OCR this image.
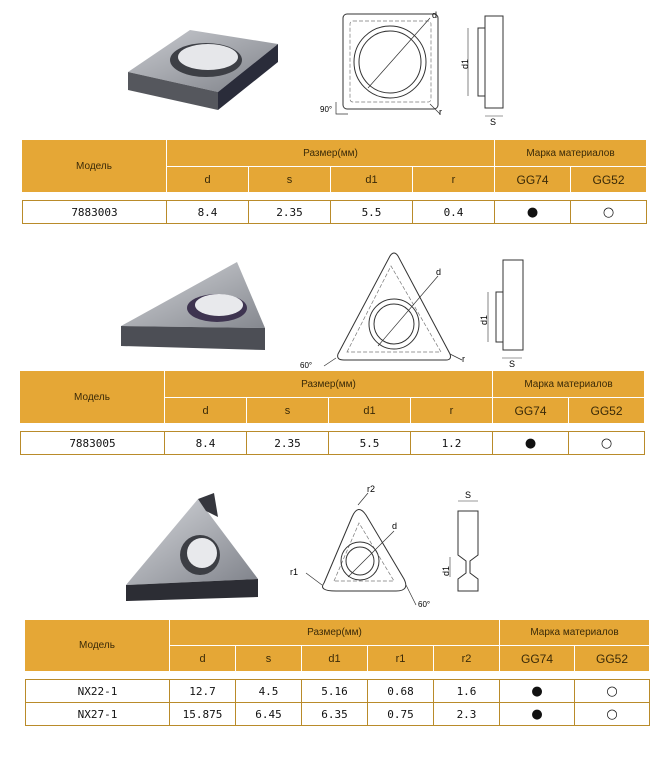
d
r
90°
d1
S
Модель	Размер(мм)				Марка материалов	
	d	s	d1	r	GG74	GG52

7883003	8.4	2.35	5.5	0.4	●	○
d
r
60°
d1
S
Модель	Размер(мм)				Марка материалов	
	d	s	d1	r	GG74	GG52

7883005	8.4	2.35	5.5	1.2	●	○
d
r2
r1
60°
d1
S
Модель	Размер(мм)					Марка материалов	
	d	s	d1	r1	r2	GG74	GG52

NX22-1	12.7	4.5	5.16	0.68	1.6	●	○
NX27-1	15.875	6.45	6.35	0.75	2.3	●	○
